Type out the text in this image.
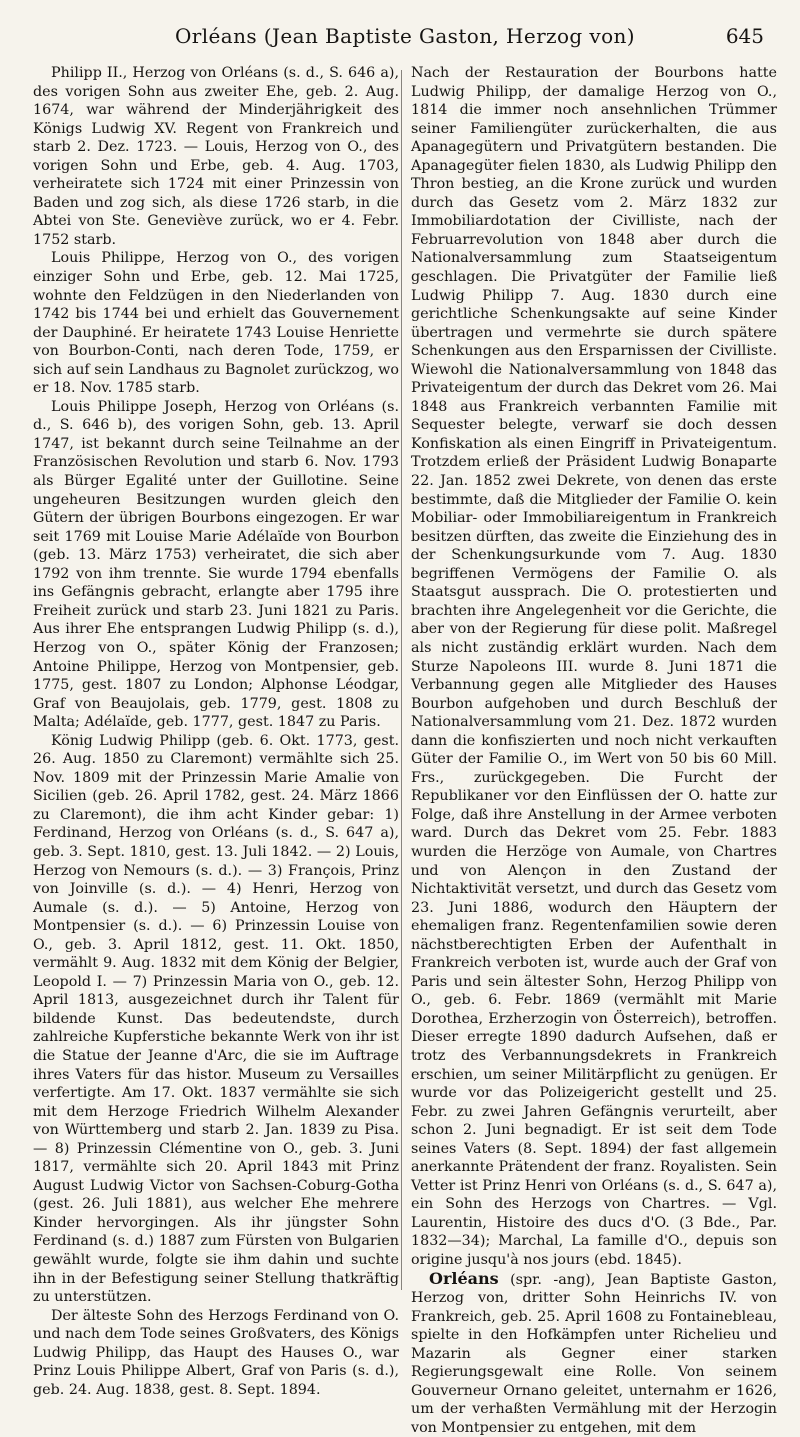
Orléans (Jean Baptiste Gaston, Herzog von)	645

Philipp II., Herzog von Orléans (s. d., S. 646 a), des vorigen Sohn aus zweiter Ehe, geb. 2. Aug. 1674, war während der Minderjährigkeit des Königs Ludwig XV. Regent von Frankreich und starb 2. Dez. 1723. — Louis, Herzog von O., des vorigen Sohn und Erbe, geb. 4. Aug. 1703, verheiratete sich 1724 mit einer Prinzessin von Baden und zog sich, als diese 1726 starb, in die Abtei von Ste. Geneviève zurück, wo er 4. Febr. 1752 starb.

Louis Philippe, Herzog von O., des vorigen einziger Sohn und Erbe, geb. 12. Mai 1725, wohnte den Feldzügen in den Niederlanden von 1742 bis 1744 bei und erhielt das Gouvernement der Dauphiné. Er heiratete 1743 Louise Henriette von Bourbon-Conti, nach deren Tode, 1759, er sich auf sein Landhaus zu Bagnolet zurückzog, wo er 18. Nov. 1785 starb.

Louis Philippe Joseph, Herzog von Orléans (s. d., S. 646 b), des vorigen Sohn, geb. 13. April 1747, ist bekannt durch seine Teilnahme an der Französischen Revolution und starb 6. Nov. 1793 als Bürger Egalité unter der Guillotine. Seine ungeheuren Besitzungen wurden gleich den Gütern der übrigen Bourbons eingezogen. Er war seit 1769 mit Louise Marie Adélaïde von Bourbon (geb. 13. März 1753) verheiratet, die sich aber 1792 von ihm trennte. Sie wurde 1794 ebenfalls ins Gefängnis gebracht, erlangte aber 1795 ihre Freiheit zurück und starb 23. Juni 1821 zu Paris. Aus ihrer Ehe entsprangen Ludwig Philipp (s. d.), Herzog von O., später König der Franzosen; Antoine Philippe, Herzog von Montpensier, geb. 1775, gest. 1807 zu London; Alphonse Léodgar, Graf von Beaujolais, geb. 1779, gest. 1808 zu Malta; Adélaïde, geb. 1777, gest. 1847 zu Paris.

König Ludwig Philipp (geb. 6. Okt. 1773, gest. 26. Aug. 1850 zu Claremont) vermählte sich 25. Nov. 1809 mit der Prinzessin Marie Amalie von Sicilien (geb. 26. April 1782, gest. 24. März 1866 zu Claremont), die ihm acht Kinder gebar: 1) Ferdinand, Herzog von Orléans (s. d., S. 647 a), geb. 3. Sept. 1810, gest. 13. Juli 1842. — 2) Louis, Herzog von Nemours (s. d.). — 3) François, Prinz von Joinville (s. d.). — 4) Henri, Herzog von Aumale (s. d.). — 5) Antoine, Herzog von Montpensier (s. d.). — 6) Prinzessin Louise von O., geb. 3. April 1812, gest. 11. Okt. 1850, vermählt 9. Aug. 1832 mit dem König der Belgier, Leopold I. — 7) Prinzessin Maria von O., geb. 12. April 1813, ausgezeichnet durch ihr Talent für bildende Kunst. Das bedeutendste, durch zahlreiche Kupferstiche bekannte Werk von ihr ist die Statue der Jeanne d'Arc, die sie im Auftrage ihres Vaters für das histor. Museum zu Versailles verfertigte. Am 17. Okt. 1837 vermählte sie sich mit dem Herzoge Friedrich Wilhelm Alexander von Württemberg und starb 2. Jan. 1839 zu Pisa. — 8) Prinzessin Clémentine von O., geb. 3. Juni 1817, vermählte sich 20. April 1843 mit Prinz August Ludwig Victor von Sachsen-Coburg-Gotha (gest. 26. Juli 1881), aus welcher Ehe mehrere Kinder hervorgingen. Als ihr jüngster Sohn Ferdinand (s. d.) 1887 zum Fürsten von Bulgarien gewählt wurde, folgte sie ihm dahin und suchte ihn in der Befestigung seiner Stellung thatkräftig zu unterstützen.

Der älteste Sohn des Herzogs Ferdinand von O. und nach dem Tode seines Großvaters, des Königs Ludwig Philipp, das Haupt des Hauses O., war Prinz Louis Philippe Albert, Graf von Paris (s. d.), geb. 24. Aug. 1838, gest. 8. Sept. 1894.

Nach der Restauration der Bourbons hatte Ludwig Philipp, der damalige Herzog von O., 1814 die immer noch ansehnlichen Trümmer seiner Familiengüter zurückerhalten, die aus Apanagegütern und Privatgütern bestanden. Die Apanagegüter fielen 1830, als Ludwig Philipp den Thron bestieg, an die Krone zurück und wurden durch das Gesetz vom 2. März 1832 zur Immobiliardotation der Civilliste, nach der Februarrevolution von 1848 aber durch die Nationalversammlung zum Staatseigentum geschlagen. Die Privatgüter der Familie ließ Ludwig Philipp 7. Aug. 1830 durch eine gerichtliche Schenkungsakte auf seine Kinder übertragen und vermehrte sie durch spätere Schenkungen aus den Ersparnissen der Civilliste. Wiewohl die Nationalversammlung von 1848 das Privateigentum der durch das Dekret vom 26. Mai 1848 aus Frankreich verbannten Familie mit Sequester belegte, verwarf sie doch dessen Konfiskation als einen Eingriff in Privateigentum. Trotzdem erließ der Präsident Ludwig Bonaparte 22. Jan. 1852 zwei Dekrete, von denen das erste bestimmte, daß die Mitglieder der Familie O. kein Mobiliar- oder Immobiliareigentum in Frankreich besitzen dürften, das zweite die Einziehung des in der Schenkungsurkunde vom 7. Aug. 1830 begriffenen Vermögens der Familie O. als Staatsgut aussprach. Die O. protestierten und brachten ihre Angelegenheit vor die Gerichte, die aber von der Regierung für diese polit. Maßregel als nicht zuständig erklärt wurden. Nach dem Sturze Napoleons III. wurde 8. Juni 1871 die Verbannung gegen alle Mitglieder des Hauses Bourbon aufgehoben und durch Beschluß der Nationalversammlung vom 21. Dez. 1872 wurden dann die konfiszierten und noch nicht verkauften Güter der Familie O., im Wert von 50 bis 60 Mill. Frs., zurückgegeben. Die Furcht der Republikaner vor den Einflüssen der O. hatte zur Folge, daß ihre Anstellung in der Armee verboten ward. Durch das Dekret vom 25. Febr. 1883 wurden die Herzöge von Aumale, von Chartres und von Alençon in den Zustand der Nichtaktivität versetzt, und durch das Gesetz vom 23. Juni 1886, wodurch den Häuptern der ehemaligen franz. Regentenfamilien sowie deren nächstberechtigten Erben der Aufenthalt in Frankreich verboten ist, wurde auch der Graf von Paris und sein ältester Sohn, Herzog Philipp von O., geb. 6. Febr. 1869 (vermählt mit Marie Dorothea, Erzherzogin von Österreich), betroffen. Dieser erregte 1890 dadurch Aufsehen, daß er trotz des Verbannungsdekrets in Frankreich erschien, um seiner Militärpflicht zu genügen. Er wurde vor das Polizeigericht gestellt und 25. Febr. zu zwei Jahren Gefängnis verurteilt, aber schon 2. Juni begnadigt. Er ist seit dem Tode seines Vaters (8. Sept. 1894) der fast allgemein anerkannte Prätendent der franz. Royalisten. Sein Vetter ist Prinz Henri von Orléans (s. d., S. 647 a), ein Sohn des Herzogs von Chartres. — Vgl. Laurentin, Histoire des ducs d'O. (3 Bde., Par. 1832—34); Marchal, La famille d'O., depuis son origine jusqu'à nos jours (ebd. 1845).

Orléans (spr. -ang), Jean Baptiste Gaston, Herzog von, dritter Sohn Heinrichs IV. von Frankreich, geb. 25. April 1608 zu Fontainebleau, spielte in den Hofkämpfen unter Richelieu und Mazarin als Gegner einer starken Regierungsgewalt eine Rolle. Von seinem Gouverneur Ornano geleitet, unternahm er 1626, um der verhaßten Vermählung mit der Herzogin von Montpensier zu entgehen, mit dem
